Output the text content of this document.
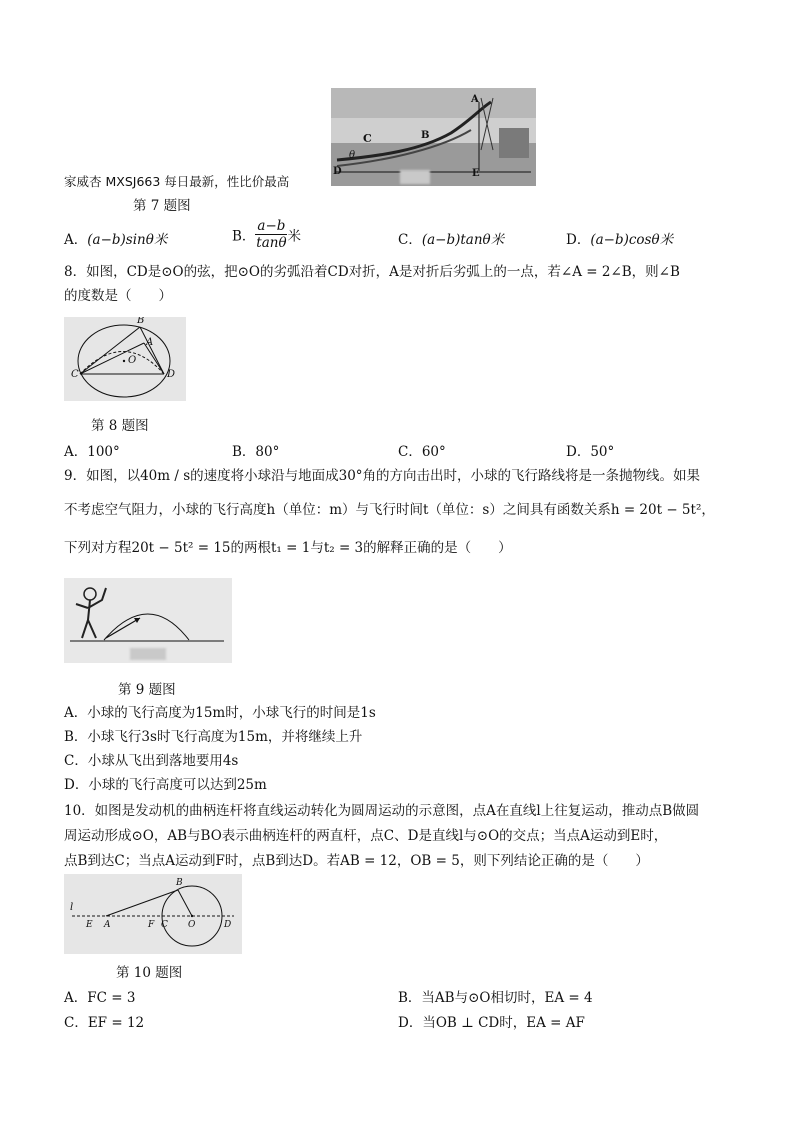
C	B
A
D	E
θ
家威杏 MXSJ663 每日最新，性比价最高
第 7 题图
A．(a−b)sinθ米	B． $\frac{a-b}{\tan\theta}$ 米	C．(a−b)tanθ米	D．(a−b)cosθ米
8．如图，CD是⊙O的弦，把⊙O的劣弧沿着CD对折，A是对折后劣弧上的一点，若∠A = 2∠B，则∠B
的度数是（　　）
B
A
O
C	D
第 8 题图
A．100°	B．80°	C．60°	D．50°
9．如图，以40m / s的速度将小球沿与地面成30°角的方向击出时，小球的飞行路线将是一条抛物线。如果
不考虑空气阻力，小球的飞行高度h（单位：m）与飞行时间t（单位：s）之间具有函数关系h = 20t − 5t²，
下列对方程20t − 5t² = 15的两根t₁ = 1与t₂ = 3的解释正确的是（　　）
第 9 题图
A．小球的飞行高度为15m时，小球飞行的时间是1s
B．小球飞行3s时飞行高度为15m，并将继续上升
C．小球从飞出到落地要用4s
D．小球的飞行高度可以达到25m
10．如图是发动机的曲柄连杆将直线运动转化为圆周运动的示意图，点A在直线l上往复运动，推动点B做圆
周运动形成⊙O，AB与BO表示曲柄连杆的两直杆，点C、D是直线l与⊙O的交点；当点A运动到E时，
点B到达C；当点A运动到F时，点B到达D。若AB = 12，OB = 5，则下列结论正确的是（　　）
l
E A	F C O	D
B
第 10 题图
A．FC = 3	B．当AB与⊙O相切时，EA = 4
C．EF = 12	D．当OB ⊥ CD时，EA = AF
